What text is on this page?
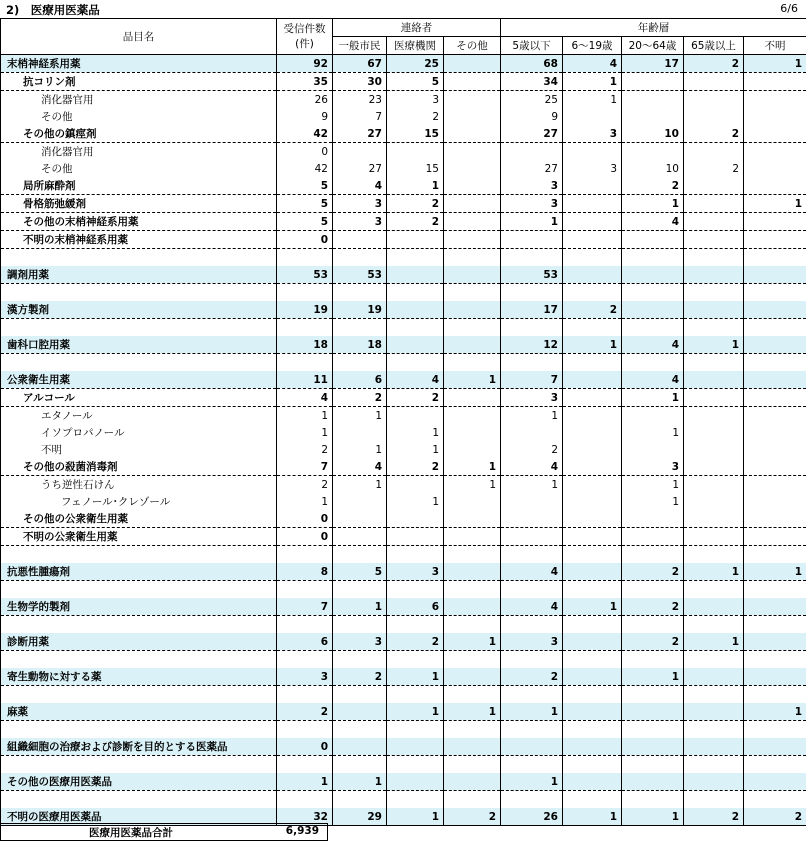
2)　医療用医薬品	6/6
品目名	受信件数
(件)	連絡者			年齢層				
		一般市民	医療機関	その他	5歳以下	6～19歳	20～64歳	65歳以上	不明
末梢神経系用薬	92	67	25		68	4	17	2	1
抗コリン剤	35	30	5		34	1			
消化器官用	26	23	3		25	1			
その他	9	7	2		9				
その他の鎮痙剤	42	27	15		27	3	10	2	
消化器官用	0								
その他	42	27	15		27	3	10	2	
局所麻酔剤	5	4	1		3		2		
骨格筋弛緩剤	5	3	2		3		1		1
その他の末梢神経系用薬	5	3	2		1		4		
不明の末梢神経系用薬	0								

調剤用薬	53	53			53				

漢方製剤	19	19			17	2			

歯科口腔用薬	18	18			12	1	4	1	

公衆衛生用薬	11	6	4	1	7		4		
アルコール	4	2	2		3		1		
エタノール	1	1			1				
イソプロパノール	1		1				1		
不明	2	1	1		2				
その他の殺菌消毒剤	7	4	2	1	4		3		
うち逆性石けん	2	1		1	1		1		
フェノール･クレゾール	1		1				1		
その他の公衆衛生用薬	0								
不明の公衆衛生用薬	0								

抗悪性腫瘍剤	8	5	3		4		2	1	1

生物学的製剤	7	1	6		4	1	2		

診断用薬	6	3	2	1	3		2	1	

寄生動物に対する薬	3	2	1		2		1		

麻薬	2		1	1	1				1

組織細胞の治療および診断を目的とする医薬品	0								

その他の医療用医薬品	1	1			1				

不明の医療用医薬品	32	29	1	2	26	1	1	2	2
医療用医薬品合計	6,939
